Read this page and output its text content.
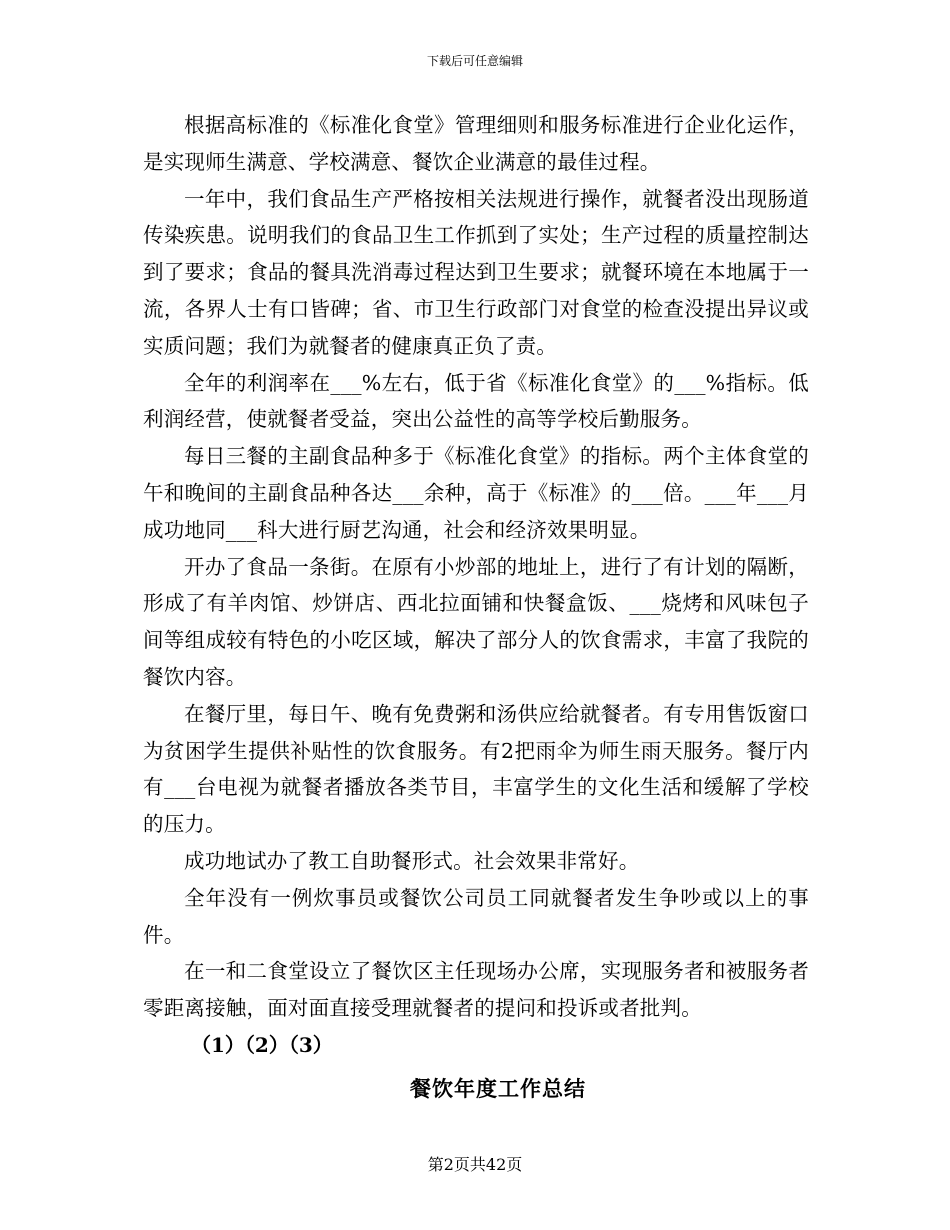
下载后可任意编辑

根据高标准的《标准化食堂》管理细则和服务标准进行企业化运作，是实现师生满意、学校满意、餐饮企业满意的最佳过程。

一年中，我们食品生产严格按相关法规进行操作，就餐者没出现肠道传染疾患。说明我们的食品卫生工作抓到了实处；生产过程的质量控制达到了要求；食品的餐具洗消毒过程达到卫生要求；就餐环境在本地属于一流，各界人士有口皆碑；省、市卫生行政部门对食堂的检查没提出异议或实质问题；我们为就餐者的健康真正负了责。

全年的利润率在___%左右，低于省《标准化食堂》的___%指标。低利润经营，使就餐者受益，突出公益性的高等学校后勤服务。

每日三餐的主副食品种多于《标准化食堂》的指标。两个主体食堂的午和晚间的主副食品种各达___余种，高于《标准》的___倍。___年___月成功地同___科大进行厨艺沟通，社会和经济效果明显。

开办了食品一条街。在原有小炒部的地址上，进行了有计划的隔断，形成了有羊肉馆、炒饼店、西北拉面铺和快餐盒饭、___烧烤和风味包子间等组成较有特色的小吃区域，解决了部分人的饮食需求，丰富了我院的餐饮内容。

在餐厅里，每日午、晚有免费粥和汤供应给就餐者。有专用售饭窗口为贫困学生提供补贴性的饮食服务。有2把雨伞为师生雨天服务。餐厅内有___台电视为就餐者播放各类节目，丰富学生的文化生活和缓解了学校的压力。

成功地试办了教工自助餐形式。社会效果非常好。

全年没有一例炊事员或餐饮公司员工同就餐者发生争吵或以上的事件。

在一和二食堂设立了餐饮区主任现场办公席，实现服务者和被服务者零距离接触，面对面直接受理就餐者的提问和投诉或者批判。

（1）（2）（3）

餐饮年度工作总结
第2页共42页
